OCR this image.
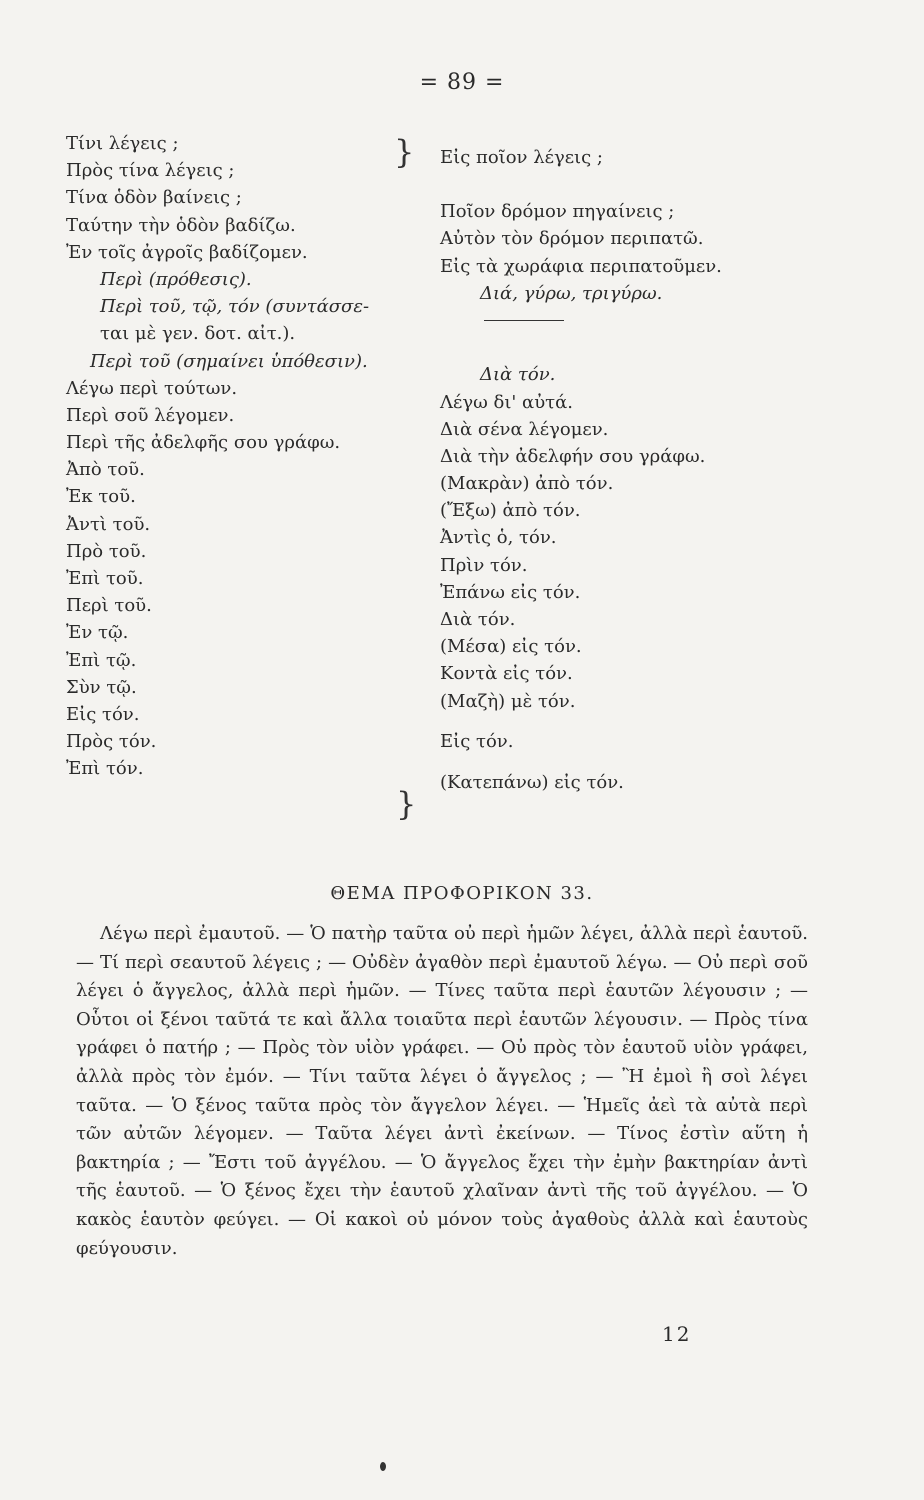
= 89 =
Τίνι λέγεις ;
Πρὸς τίνα λέγεις ;
Τίνα ὁδὸν βαίνεις ;
Ταύτην τὴν ὁδὸν βαδίζω.
Ἐν τοῖς ἀγροῖς βαδίζομεν.
Περὶ (πρόθεσις).
Περὶ τοῦ, τῷ, τόν (συντάσσε-
ται μὲ γεν. δοτ. αἰτ.).
Περὶ τοῦ (σημαίνει ὑπόθεσιν).
Λέγω περὶ τούτων.
Περὶ σοῦ λέγομεν.
Περὶ τῆς ἀδελφῆς σου γράφω.
Ἀπὸ τοῦ.
Ἐκ τοῦ.
Ἀντὶ τοῦ.
Πρὸ τοῦ.
Ἐπὶ τοῦ.
Περὶ τοῦ.
Ἐν τῷ.
Ἐπὶ τῷ.
Σὺν τῷ.
Εἰς τόν.
Πρὸς τόν.
Ἐπὶ τόν.
}
}
Εἰς ποῖον λέγεις ;
Ποῖον δρόμον πηγαίνεις ;
Αὐτὸν τὸν δρόμον περιπατῶ.
Εἰς τὰ χωράφια περιπατοῦμεν.
Διά, γύρω, τριγύρω.
Διὰ τόν.
Λέγω δι' αὐτά.
Διὰ σένα λέγομεν.
Διὰ τὴν ἀδελφήν σου γράφω.
(Μακρὰν) ἀπὸ τόν.
(Ἔξω) ἀπὸ τόν.
Ἀντὶς ὁ, τόν.
Πρὶν τόν.
Ἐπάνω εἰς τόν.
Διὰ τόν.
(Μέσα) εἰς τόν.
Κοντὰ εἰς τόν.
(Μαζὴ) μὲ τόν.
Εἰς τόν.
(Κατεπάνω) εἰς τόν.
ΘΕΜΑ ΠΡΟΦΟΡΙΚΟΝ 33.
Λέγω περὶ ἐμαυτοῦ. — Ὁ πατὴρ ταῦτα οὐ περὶ ἡμῶν λέγει, ἀλλὰ περὶ ἑαυτοῦ. — Τί περὶ σεαυτοῦ λέγεις ; — Οὐδὲν ἀγαθὸν περὶ ἐμαυτοῦ λέγω. — Οὐ περὶ σοῦ λέγει ὁ ἄγγελος, ἀλλὰ περὶ ἡμῶν. — Τίνες ταῦτα περὶ ἑαυτῶν λέγουσιν ; — Οὗτοι οἱ ξένοι ταῦτά τε καὶ ἄλλα τοιαῦτα περὶ ἑαυτῶν λέγουσιν. — Πρὸς τίνα γράφει ὁ πατήρ ; — Πρὸς τὸν υἱὸν γράφει. — Οὐ πρὸς τὸν ἑαυτοῦ υἱὸν γράφει, ἀλλὰ πρὸς τὸν ἐμόν. — Τίνι ταῦτα λέγει ὁ ἄγγελος ; — Ἢ ἐμοὶ ἢ σοὶ λέγει ταῦτα. — Ὁ ξένος ταῦτα πρὸς τὸν ἄγγελον λέγει. — Ἡμεῖς ἀεὶ τὰ αὐτὰ περὶ τῶν αὐτῶν λέγομεν. — Ταῦτα λέγει ἀντὶ ἐκείνων. — Τίνος ἐστὶν αὕτη ἡ βακτηρία ; — Ἔστι τοῦ ἀγγέλου. — Ὁ ἄγγελος ἔχει τὴν ἐμὴν βακτηρίαν ἀντὶ τῆς ἑαυτοῦ. — Ὁ ξένος ἔχει τὴν ἑαυτοῦ χλαῖναν ἀντὶ τῆς τοῦ ἀγγέλου. — Ὁ κακὸς ἑαυτὸν φεύγει. — Οἱ κακοὶ οὐ μόνον τοὺς ἀγαθοὺς ἀλλὰ καὶ ἑαυτοὺς φεύγουσιν.
12
